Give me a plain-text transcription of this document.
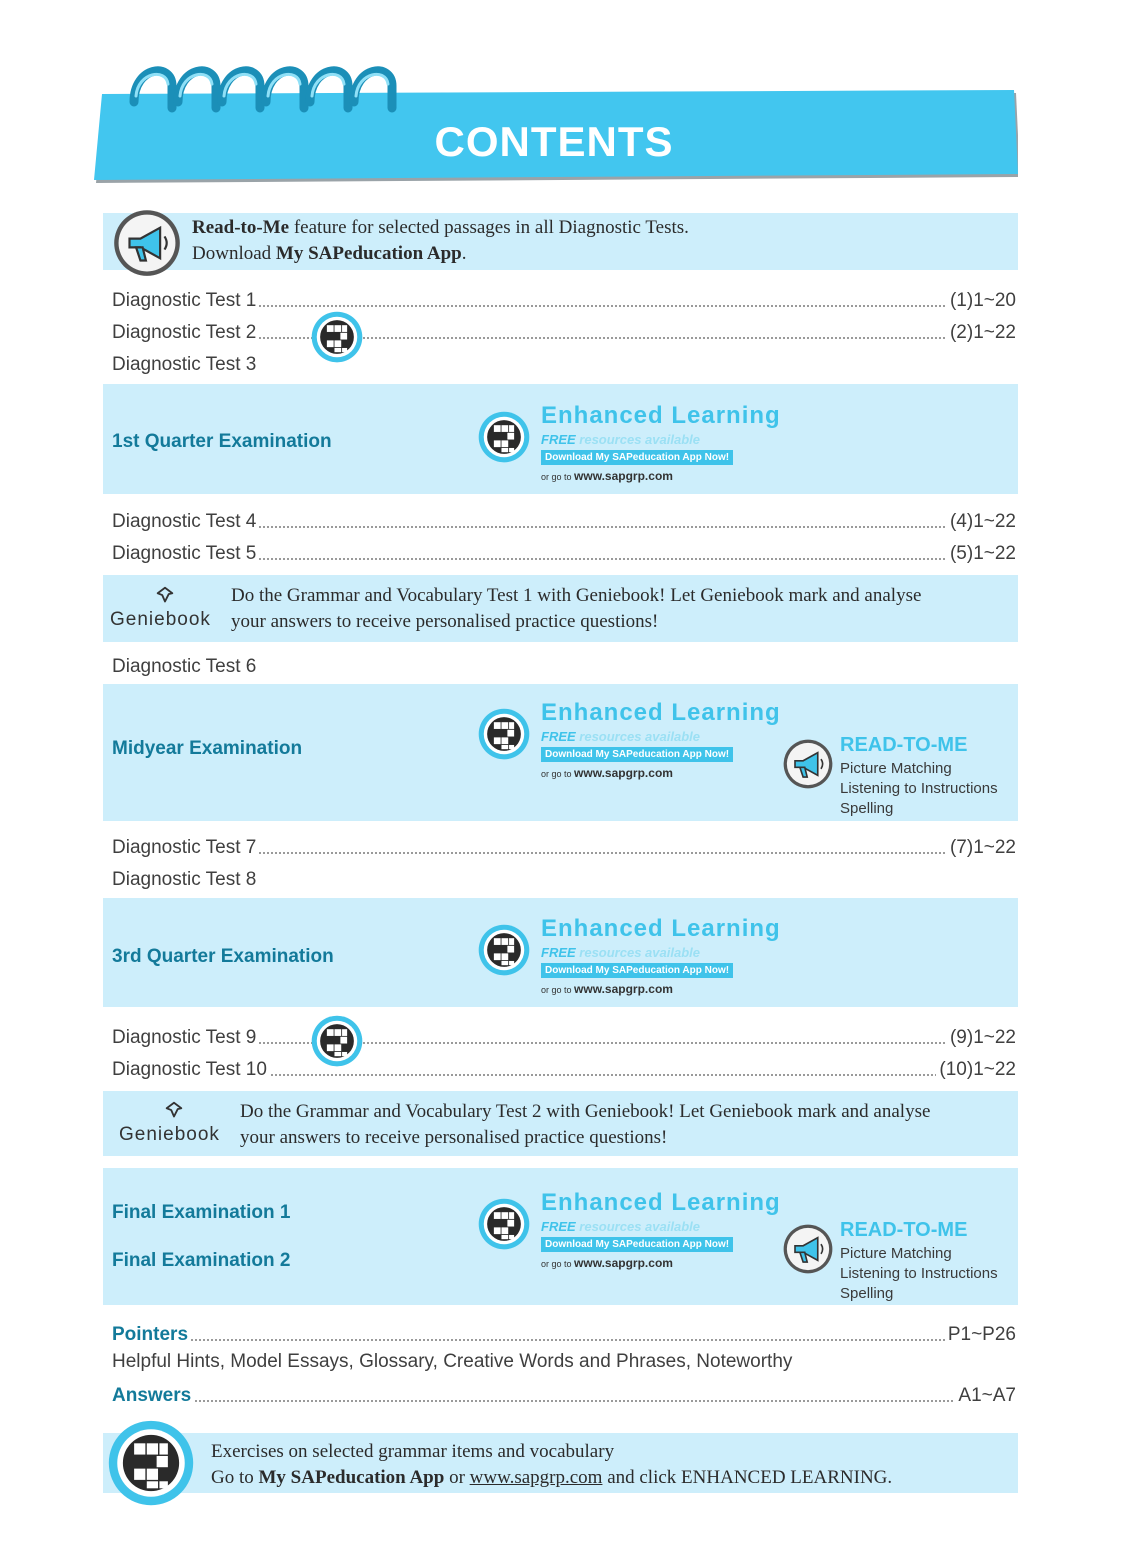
CONTENTS
Read-to-Me feature for selected passages in all Diagnostic Tests.
Download My SAPeducation App.
Diagnostic Test 1	(1)1~20
Diagnostic Test 2	(2)1~22
Diagnostic Test 3
1st Quarter Examination
Enhanced Learning
FREE resources available
Download My SAPeducation App Now!
or go to www.sapgrp.com
Diagnostic Test 4	(4)1~22
Diagnostic Test 5	(5)1~22
Geniebook
Do the Grammar and Vocabulary Test 1 with Geniebook! Let Geniebook mark and analyse
your answers to receive personalised practice questions!
Diagnostic Test 6
Midyear Examination
Enhanced Learning
FREE resources available
Download My SAPeducation App Now!
or go to www.sapgrp.com
READ-TO-ME
Picture Matching
Listening to Instructions
Spelling
Diagnostic Test 7	(7)1~22
Diagnostic Test 8
3rd Quarter Examination
Enhanced Learning
FREE resources available
Download My SAPeducation App Now!
or go to www.sapgrp.com
Diagnostic Test 9	(9)1~22
Diagnostic Test 10	(10)1~22
Geniebook
Do the Grammar and Vocabulary Test 2 with Geniebook! Let Geniebook mark and analyse
your answers to receive personalised practice questions!
Final Examination 1
Final Examination 2
Enhanced Learning
FREE resources available
Download My SAPeducation App Now!
or go to www.sapgrp.com
READ-TO-ME
Picture Matching
Listening to Instructions
Spelling
Pointers	P1~P26
Helpful Hints, Model Essays, Glossary, Creative Words and Phrases, Noteworthy
Answers	A1~A7
Exercises on selected grammar items and vocabulary
Go to My SAPeducation App or www.sapgrp.com and click ENHANCED LEARNING.
